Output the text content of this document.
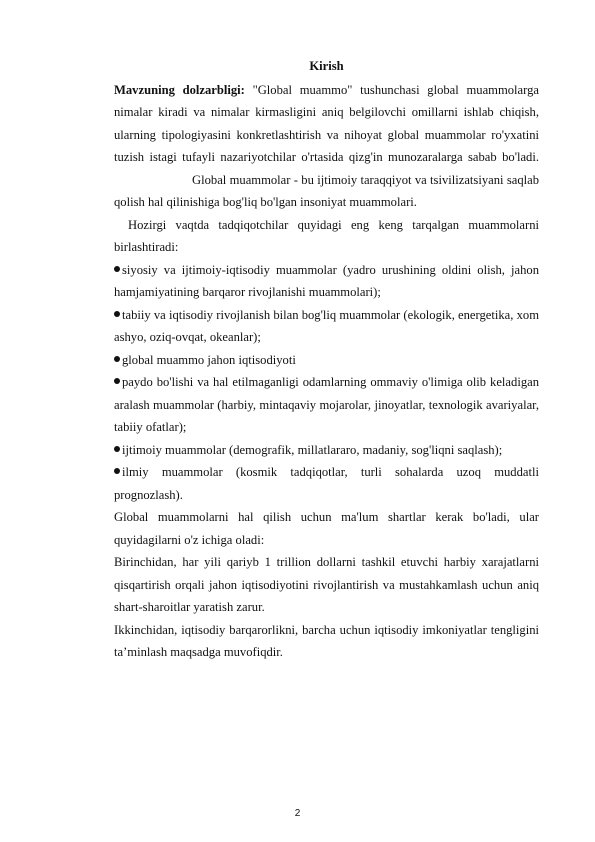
Kirish

Mavzuning dolzarbligi: "Global muammo" tushunchasi global muammolarga nimalar kiradi va nimalar kirmasligini aniq belgilovchi omillarni ishlab chiqish, ularning tipologiyasini konkretlashtirish va nihoyat global muammolar ro'yxatini tuzish istagi tufayli nazariyotchilar o'rtasida qizg'in munozaralarga sabab bo'ladi.Global muammolar - bu ijtimoiy taraqqiyot va tsivilizatsiyani saqlab qolish hal qilinishiga bog'liq bo'lgan insoniyat muammolari.

Hozirgi vaqtda tadqiqotchilar quyidagi eng keng tarqalgan muammolarni birlashtiradi:

siyosiy va ijtimoiy-iqtisodiy muammolar (yadro urushining oldini olish, jahon hamjamiyatining barqaror rivojlanishi muammolari);

tabiiy va iqtisodiy rivojlanish bilan bog'liq muammolar (ekologik, energetika, xom ashyo, oziq-ovqat, okeanlar);

global muammo jahon iqtisodiyoti

paydo bo'lishi va hal etilmaganligi odamlarning ommaviy o'limiga olib keladigan aralash muammolar (harbiy, mintaqaviy mojarolar, jinoyatlar, texnologik avariyalar, tabiiy ofatlar);

ijtimoiy muammolar (demografik, millatlararo, madaniy, sog'liqni saqlash);

ilmiy muammolar (kosmik tadqiqotlar, turli sohalarda uzoq muddatli prognozlash).

Global muammolarni hal qilish uchun ma'lum shartlar kerak bo'ladi, ular quyidagilarni o'z ichiga oladi:

Birinchidan, har yili qariyb 1 trillion dollarni tashkil etuvchi harbiy xarajatlarni qisqartirish orqali jahon iqtisodiyotini rivojlantirish va mustahkamlash uchun aniq shart-sharoitlar yaratish zarur.

Ikkinchidan, iqtisodiy barqarorlikni, barcha uchun iqtisodiy imkoniyatlar tengligini ta’minlash maqsadga muvofiqdir.

2
